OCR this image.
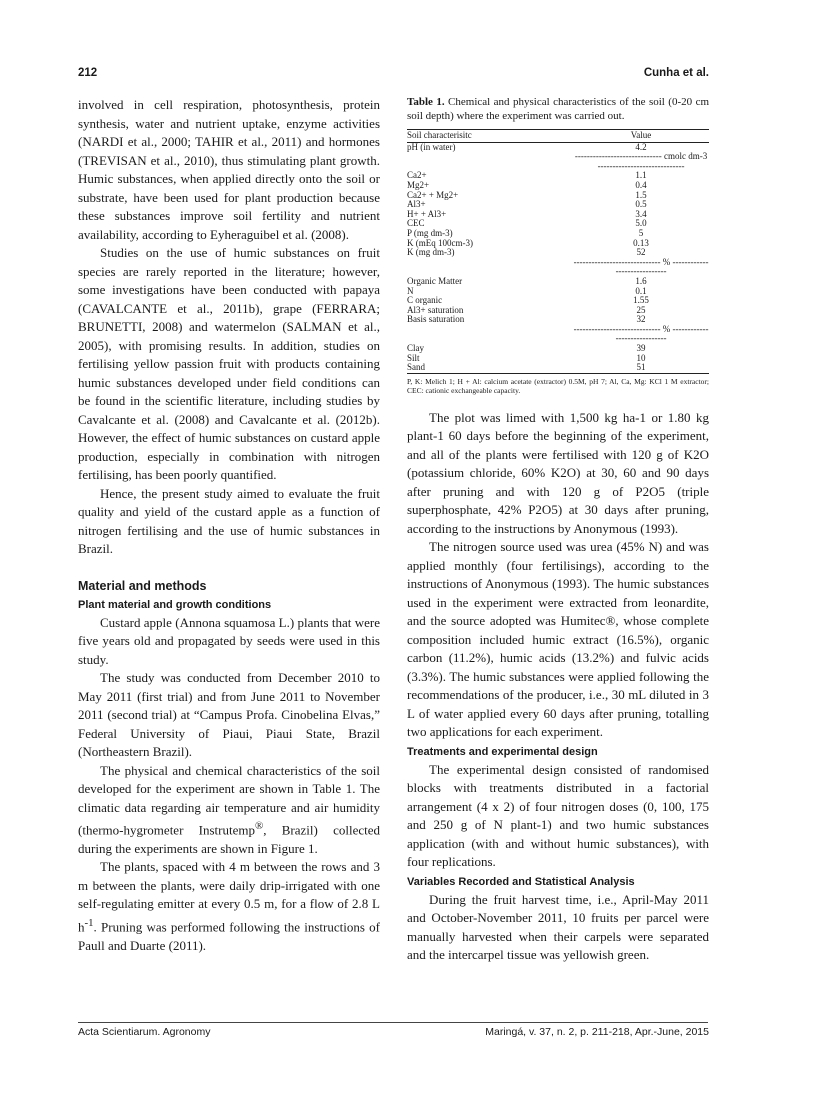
212	Cunha et al.

involved in cell respiration, photosynthesis, protein synthesis, water and nutrient uptake, enzyme activities (NARDI et al., 2000; TAHIR et al., 2011) and hormones (TREVISAN et al., 2010), thus stimulating plant growth. Humic substances, when applied directly onto the soil or substrate, have been used for plant production because these substances improve soil fertility and nutrient availability, according to Eyheraguibel et al. (2008).

Studies on the use of humic substances on fruit species are rarely reported in the literature; however, some investigations have been conducted with papaya (CAVALCANTE et al., 2011b), grape (FERRARA; BRUNETTI, 2008) and watermelon (SALMAN et al., 2005), with promising results. In addition, studies on fertilising yellow passion fruit with products containing humic substances developed under field conditions can be found in the scientific literature, including studies by Cavalcante et al. (2008) and Cavalcante et al. (2012b). However, the effect of humic substances on custard apple production, especially in combination with nitrogen fertilising, has been poorly quantified.

Hence, the present study aimed to evaluate the fruit quality and yield of the custard apple as a function of nitrogen fertilising and the use of humic substances in Brazil.

Material and methods
Plant material and growth conditions

Custard apple (Annona squamosa L.) plants that were five years old and propagated by seeds were used in this study.

The study was conducted from December 2010 to May 2011 (first trial) and from June 2011 to November 2011 (second trial) at “Campus Profa. Cinobelina Elvas,” Federal University of Piaui, Piaui State, Brazil (Northeastern Brazil).

The physical and chemical characteristics of the soil developed for the experiment are shown in Table 1. The climatic data regarding air temperature and air humidity (thermo-hygrometer Instrutemp®, Brazil) collected during the experiments are shown in Figure 1.

The plants, spaced with 4 m between the rows and 3 m between the plants, were daily drip-irrigated with one self-regulating emitter at every 0.5 m, for a flow of 2.8 L $h^{-1}$. Pruning was performed following the instructions of Paull and Duarte (2011).

Table 1. Chemical and physical characteristics of the soil (0-20 cm soil depth) where the experiment was carried out.
Soil characterisitc	Value
pH (in water)	4.2
	----------------------------- cmolc dm-3 -----------------------------
Ca2+	1.1
Mg2+	0.4
Ca2+ + Mg2+	1.5
Al3+	0.5
H+ + Al3+	3.4
CEC	5.0
P (mg dm-3)	5
K (mEq 100cm-3)	0.13
K (mg dm-3)	52
	----------------------------- % -----------------------------
Organic Matter	1.6
N	0.1
C organic	1.55
Al3+ saturation	25
Basis saturation	32
	----------------------------- % -----------------------------
Clay	39
Silt	10
Sand	51
P, K: Melich 1; H + Al: calcium acetate (extractor) 0.5M, pH 7; Al, Ca, Mg: KCl 1 M extractor; CEC: cationic exchangeable capacity.

The plot was limed with 1,500 kg ha-1 or 1.80 kg plant-1 60 days before the beginning of the experiment, and all of the plants were fertilised with 120 g of K2O (potassium chloride, 60% K2O) at 30, 60 and 90 days after pruning and with 120 g of P2O5 (triple superphosphate, 42% P2O5) at 30 days after pruning, according to the instructions by Anonymous (1993).

The nitrogen source used was urea (45% N) and was applied monthly (four fertilisings), according to the instructions of Anonymous (1993). The humic substances used in the experiment were extracted from leonardite, and the source adopted was Humitec®, whose complete composition included humic extract (16.5%), organic carbon (11.2%), humic acids (13.2%) and fulvic acids (3.3%). The humic substances were applied following the recommendations of the producer, i.e., 30 mL diluted in 3 L of water applied every 60 days after pruning, totalling two applications for each experiment.

Treatments and experimental design

The experimental design consisted of randomised blocks with treatments distributed in a factorial arrangement (4 x 2) of four nitrogen doses (0, 100, 175 and 250 g of N plant-1) and two humic substances application (with and without humic substances), with four replications.

Variables Recorded and Statistical Analysis

During the fruit harvest time, i.e., April-May 2011 and October-November 2011, 10 fruits per parcel were manually harvested when their carpels were separated and the intercarpel tissue was yellowish green.

Acta Scientiarum. Agronomy	Maringá, v. 37, n. 2, p. 211-218, Apr.-June, 2015
